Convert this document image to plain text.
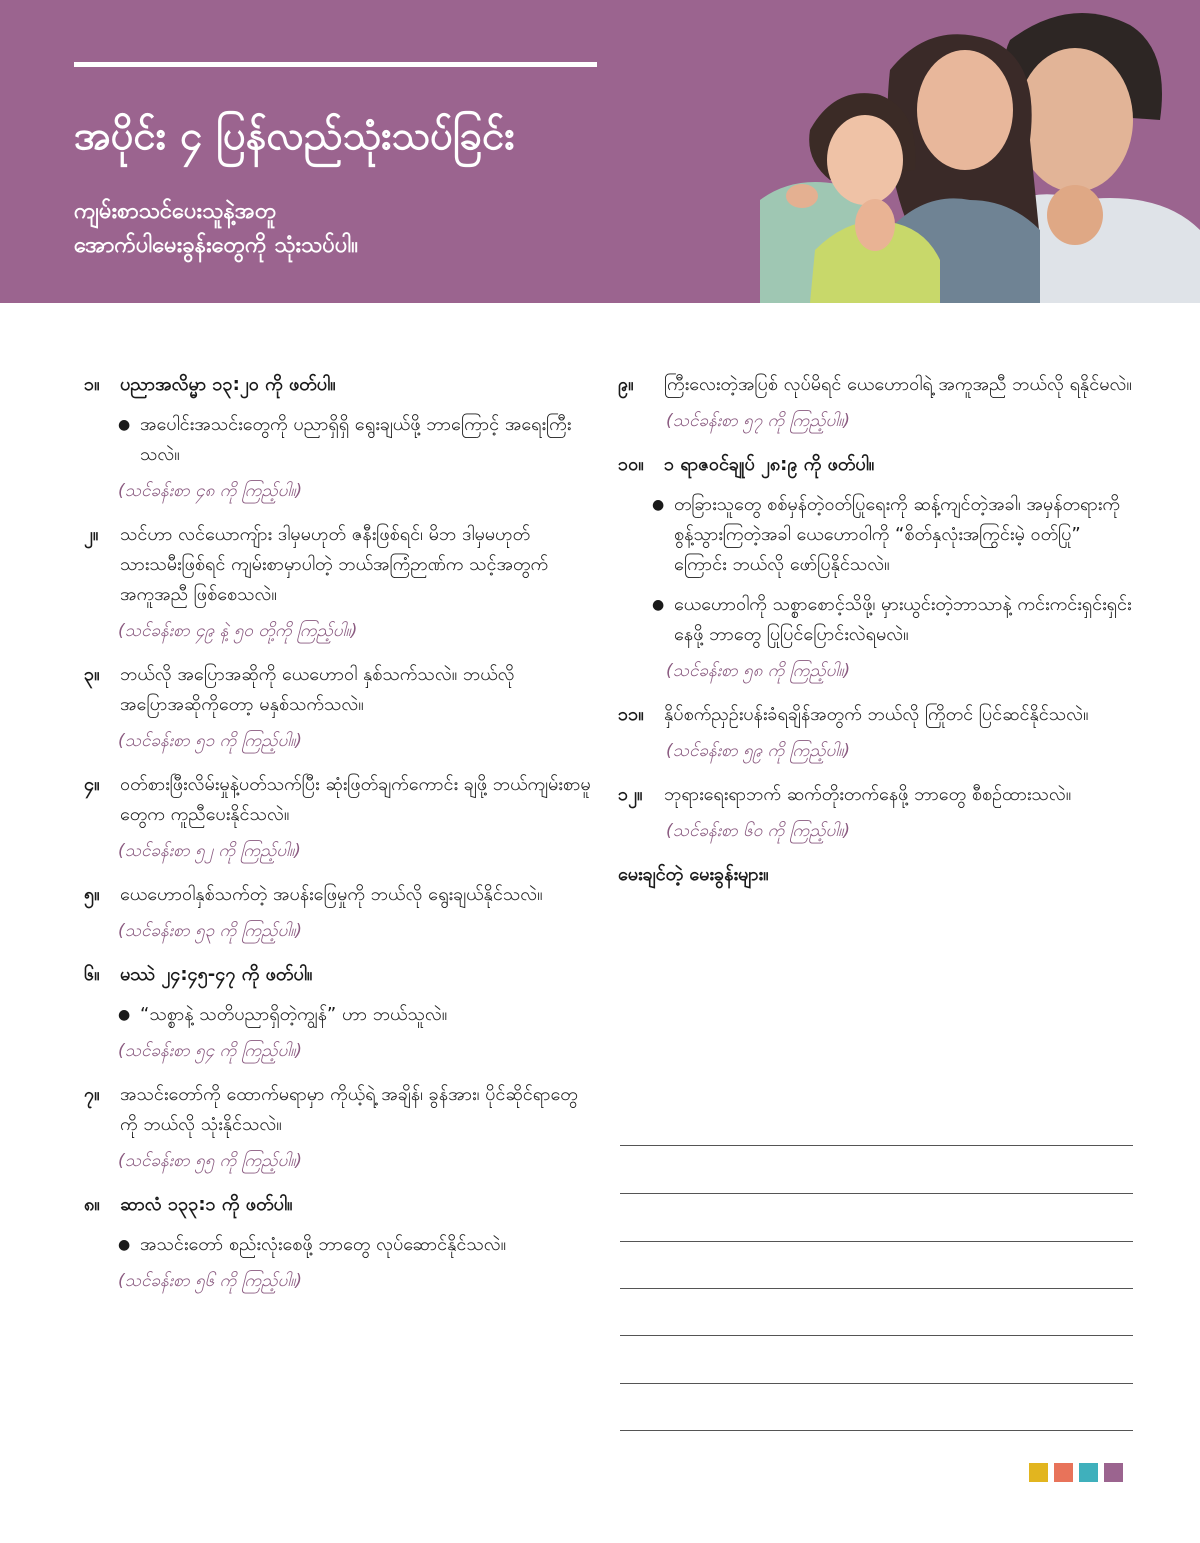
အပိုင်း ၄ ပြန်လည်သုံးသပ်ခြင်း
ကျမ်းစာသင်ပေးသူနဲ့အတူ
အောက်ပါမေးခွန်းတွေကို သုံးသပ်ပါ။
၁။	ပညာအလိမ္မာ ၁၃:၂၀ ကို ဖတ်ပါ။
● အပေါင်းအသင်းတွေကို ပညာရှိရှိ ရွေးချယ်ဖို့ ဘာကြောင့် အရေးကြီးသလဲ။
(သင်ခန်းစာ ၄၈ ကို ကြည့်ပါ။)
၂။	သင်ဟာ လင်ယောကျ်ား ဒါမှမဟုတ် ဇနီးဖြစ်ရင်၊ မိဘ ဒါမှမဟုတ် သားသမီးဖြစ်ရင် ကျမ်းစာမှာပါတဲ့ ဘယ်အကြံဉာဏ်က သင့်အတွက် အကူအညီ ဖြစ်စေသလဲ။
(သင်ခန်းစာ ၄၉ နဲ့ ၅၀ တို့ကို ကြည့်ပါ။)
၃။	ဘယ်လို အပြောအဆိုကို ယေဟောဝါ နှစ်သက်သလဲ။ ဘယ်လို အပြောအဆိုကိုတော့ မနှစ်သက်သလဲ။
(သင်ခန်းစာ ၅၁ ကို ကြည့်ပါ။)
၄။	ဝတ်စားဖြီးလိမ်းမှုနဲ့ပတ်သက်ပြီး ဆုံးဖြတ်ချက်ကောင်း ချဖို့ ဘယ်ကျမ်းစာမူတွေက ကူညီပေးနိုင်သလဲ။
(သင်ခန်းစာ ၅၂ ကို ကြည့်ပါ။)
၅။	ယေဟောဝါနှစ်သက်တဲ့ အပန်းဖြေမှုကို ဘယ်လို ရွေးချယ်နိုင်သလဲ။
(သင်ခန်းစာ ၅၃ ကို ကြည့်ပါ။)
၆။	မဿဲ ၂၄:၄၅-၄၇ ကို ဖတ်ပါ။
● “သစ္စာနဲ့ သတိပညာရှိတဲ့ကျွန်” ဟာ ဘယ်သူလဲ။
(သင်ခန်းစာ ၅၄ ကို ကြည့်ပါ။)
၇။	အသင်းတော်ကို ထောက်မရာမှာ ကိုယ့်ရဲ့ အချိန်၊ ခွန်အား၊ ပိုင်ဆိုင်ရာတွေကို ဘယ်လို သုံးနိုင်သလဲ။
(သင်ခန်းစာ ၅၅ ကို ကြည့်ပါ။)
၈။	ဆာလံ ၁၃၃:၁ ကို ဖတ်ပါ။
● အသင်းတော် စည်းလုံးစေဖို့ ဘာတွေ လုပ်ဆောင်နိုင်သလဲ။
(သင်ခန်းစာ ၅၆ ကို ကြည့်ပါ။)
၉။	ကြီးလေးတဲ့အပြစ် လုပ်မိရင် ယေဟောဝါရဲ့ အကူအညီ ဘယ်လို ရနိုင်မလဲ။
(သင်ခန်းစာ ၅၇ ကို ကြည့်ပါ။)
၁၀။	၁ ရာဇဝင်ချုပ် ၂၈:၉ ကို ဖတ်ပါ။
● တခြားသူတွေ စစ်မှန်တဲ့ဝတ်ပြုရေးကို ဆန့်ကျင်တဲ့အခါ၊ အမှန်တရားကို စွန့်သွားကြတဲ့အခါ ယေဟောဝါကို “စိတ်နှလုံးအကြွင်းမဲ့ ဝတ်ပြု” ကြောင်း ဘယ်လို ဖော်ပြနိုင်သလဲ။
● ယေဟောဝါကို သစ္စာစောင့်သိဖို့၊ မှားယွင်းတဲ့ဘာသာနဲ့ ကင်းကင်းရှင်းရှင်း နေဖို့ ဘာတွေ ပြုပြင်ပြောင်းလဲရမလဲ။
(သင်ခန်းစာ ၅၈ ကို ကြည့်ပါ။)
၁၁။	နှိပ်စက်ညှဉ်းပန်းခံရချိန်အတွက် ဘယ်လို ကြိုတင် ပြင်ဆင်နိုင်သလဲ။
(သင်ခန်းစာ ၅၉ ကို ကြည့်ပါ။)
၁၂။	ဘုရားရေးရာဘက် ဆက်တိုးတက်နေဖို့ ဘာတွေ စီစဉ်ထားသလဲ။
(သင်ခန်းစာ ၆၀ ကို ကြည့်ပါ။)
မေးချင်တဲ့ မေးခွန်းများ။
